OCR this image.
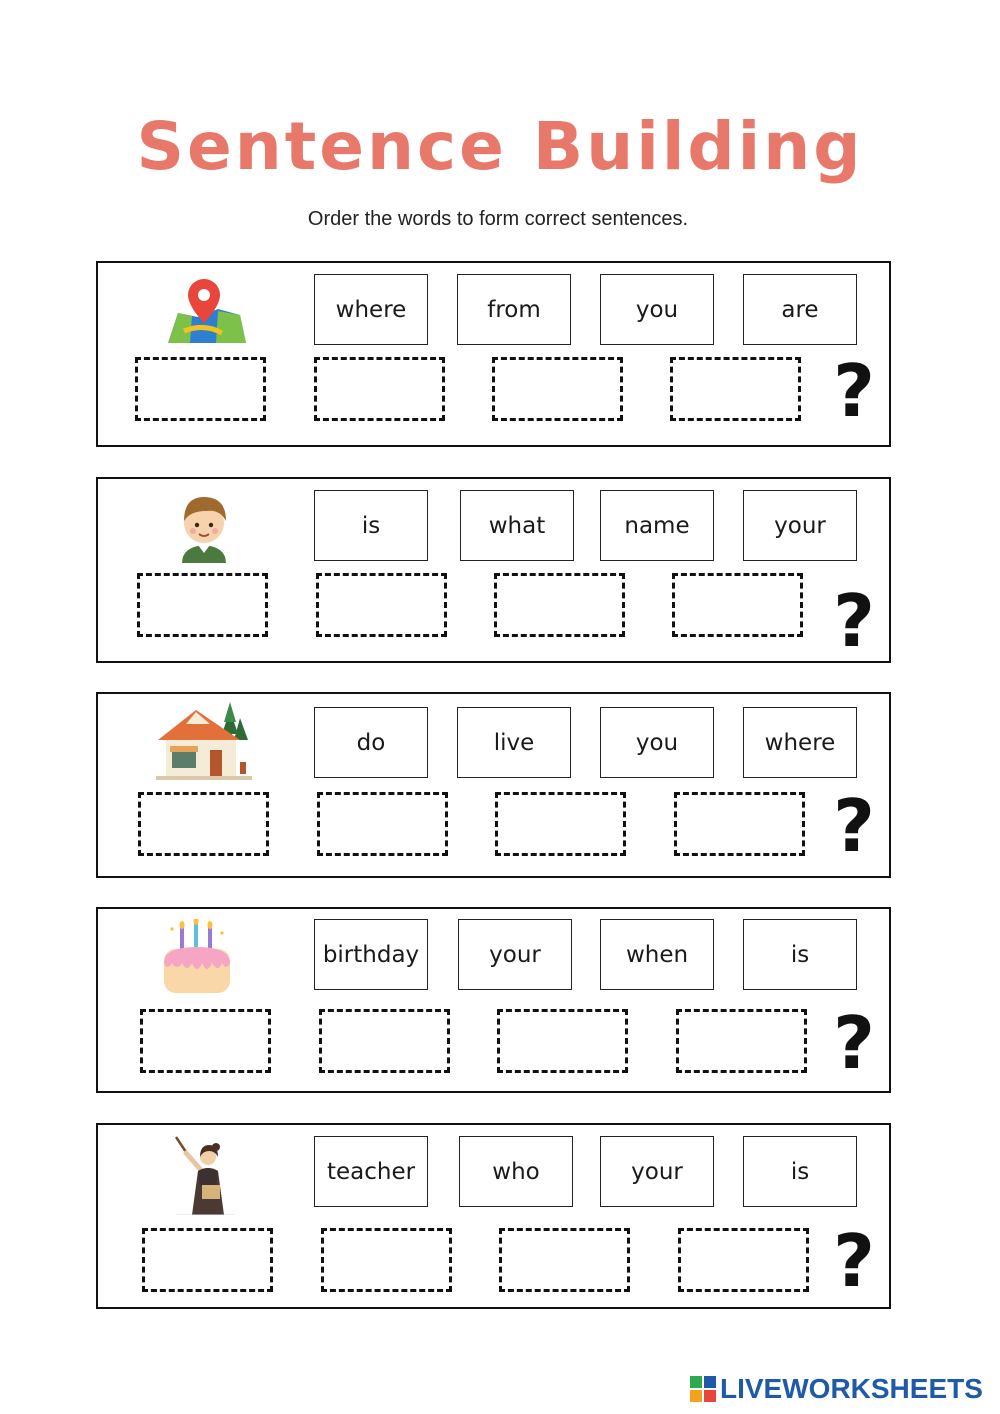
Sentence Building
Order the words to form correct sentences.
where	from	you	are
?
is	what	name	your
?
do	live	you	where
?
birthday	your	when	is
?
teacher	who	your	is
?
LIVEWORKSHEETS
